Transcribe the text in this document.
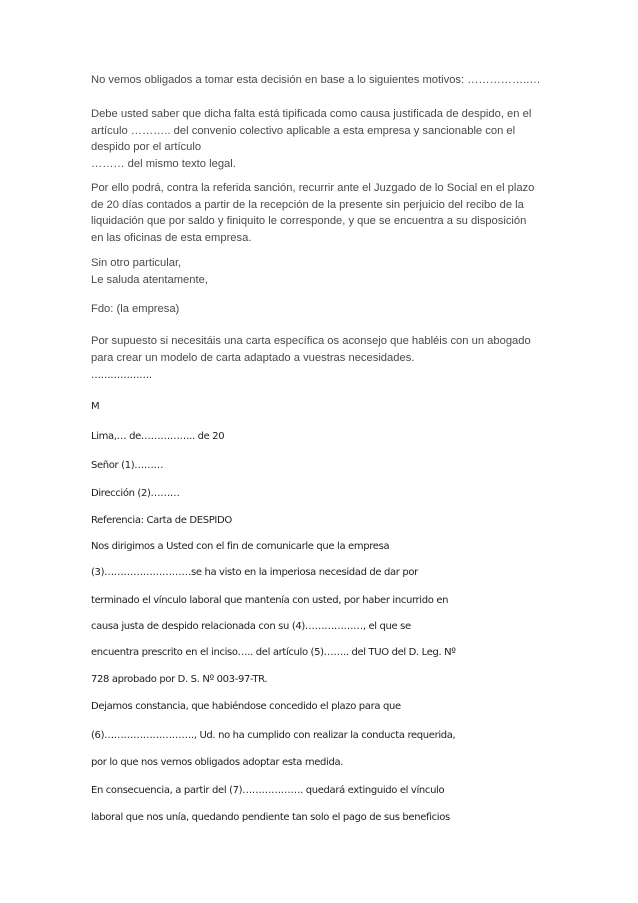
No vemos obligados a tomar esta decisión en base a lo siguientes motivos: ……………..…

Debe usted saber que dicha falta está tipificada como causa justificada de despido, en el
artículo ……….. del convenio colectivo aplicable a esta empresa y sancionable con el
despido por el artículo
……… del mismo texto legal.

Por ello podrá, contra la referida sanción, recurrir ante el Juzgado de lo Social en el plazo
de 20 días contados a partir de la recepción de la presente sin perjuicio del recibo de la
liquidación que por saldo y finiquito le corresponde, y que se encuentra a su disposición
en las oficinas de esta empresa.

Sin otro particular,
Le saluda atentamente,

Fdo: (la empresa)

Por supuesto si necesitáis una carta específica os aconsejo que habléis con un abogado
para crear un modelo de carta adaptado a vuestras necesidades.

……………….

M

Lima,… de…………….. de 20

Señor (1)………

Dirección (2)………

Referencia: Carta de DESPIDO

Nos dirigimos a Usted con el fin de comunicarle que la empresa

(3)………………………se ha visto en la imperiosa necesidad de dar por

terminado el vínculo laboral que mantenía con usted, por haber incurrido en

causa justa de despido relacionada con su (4)………………, el que se

encuentra prescrito en el inciso….. del artículo (5)…….. del TUO del D. Leg. Nº

728 aprobado por D. S. Nº 003-97-TR.

Dejamos constancia, que habiéndose concedido el plazo para que

(6)………………………., Ud. no ha cumplido con realizar la conducta requerida,

por lo que nos vemos obligados adoptar esta medida.

En consecuencia, a partir del (7)………………. quedará extinguido el vínculo

laboral que nos unía, quedando pendiente tan solo el pago de sus beneficios
